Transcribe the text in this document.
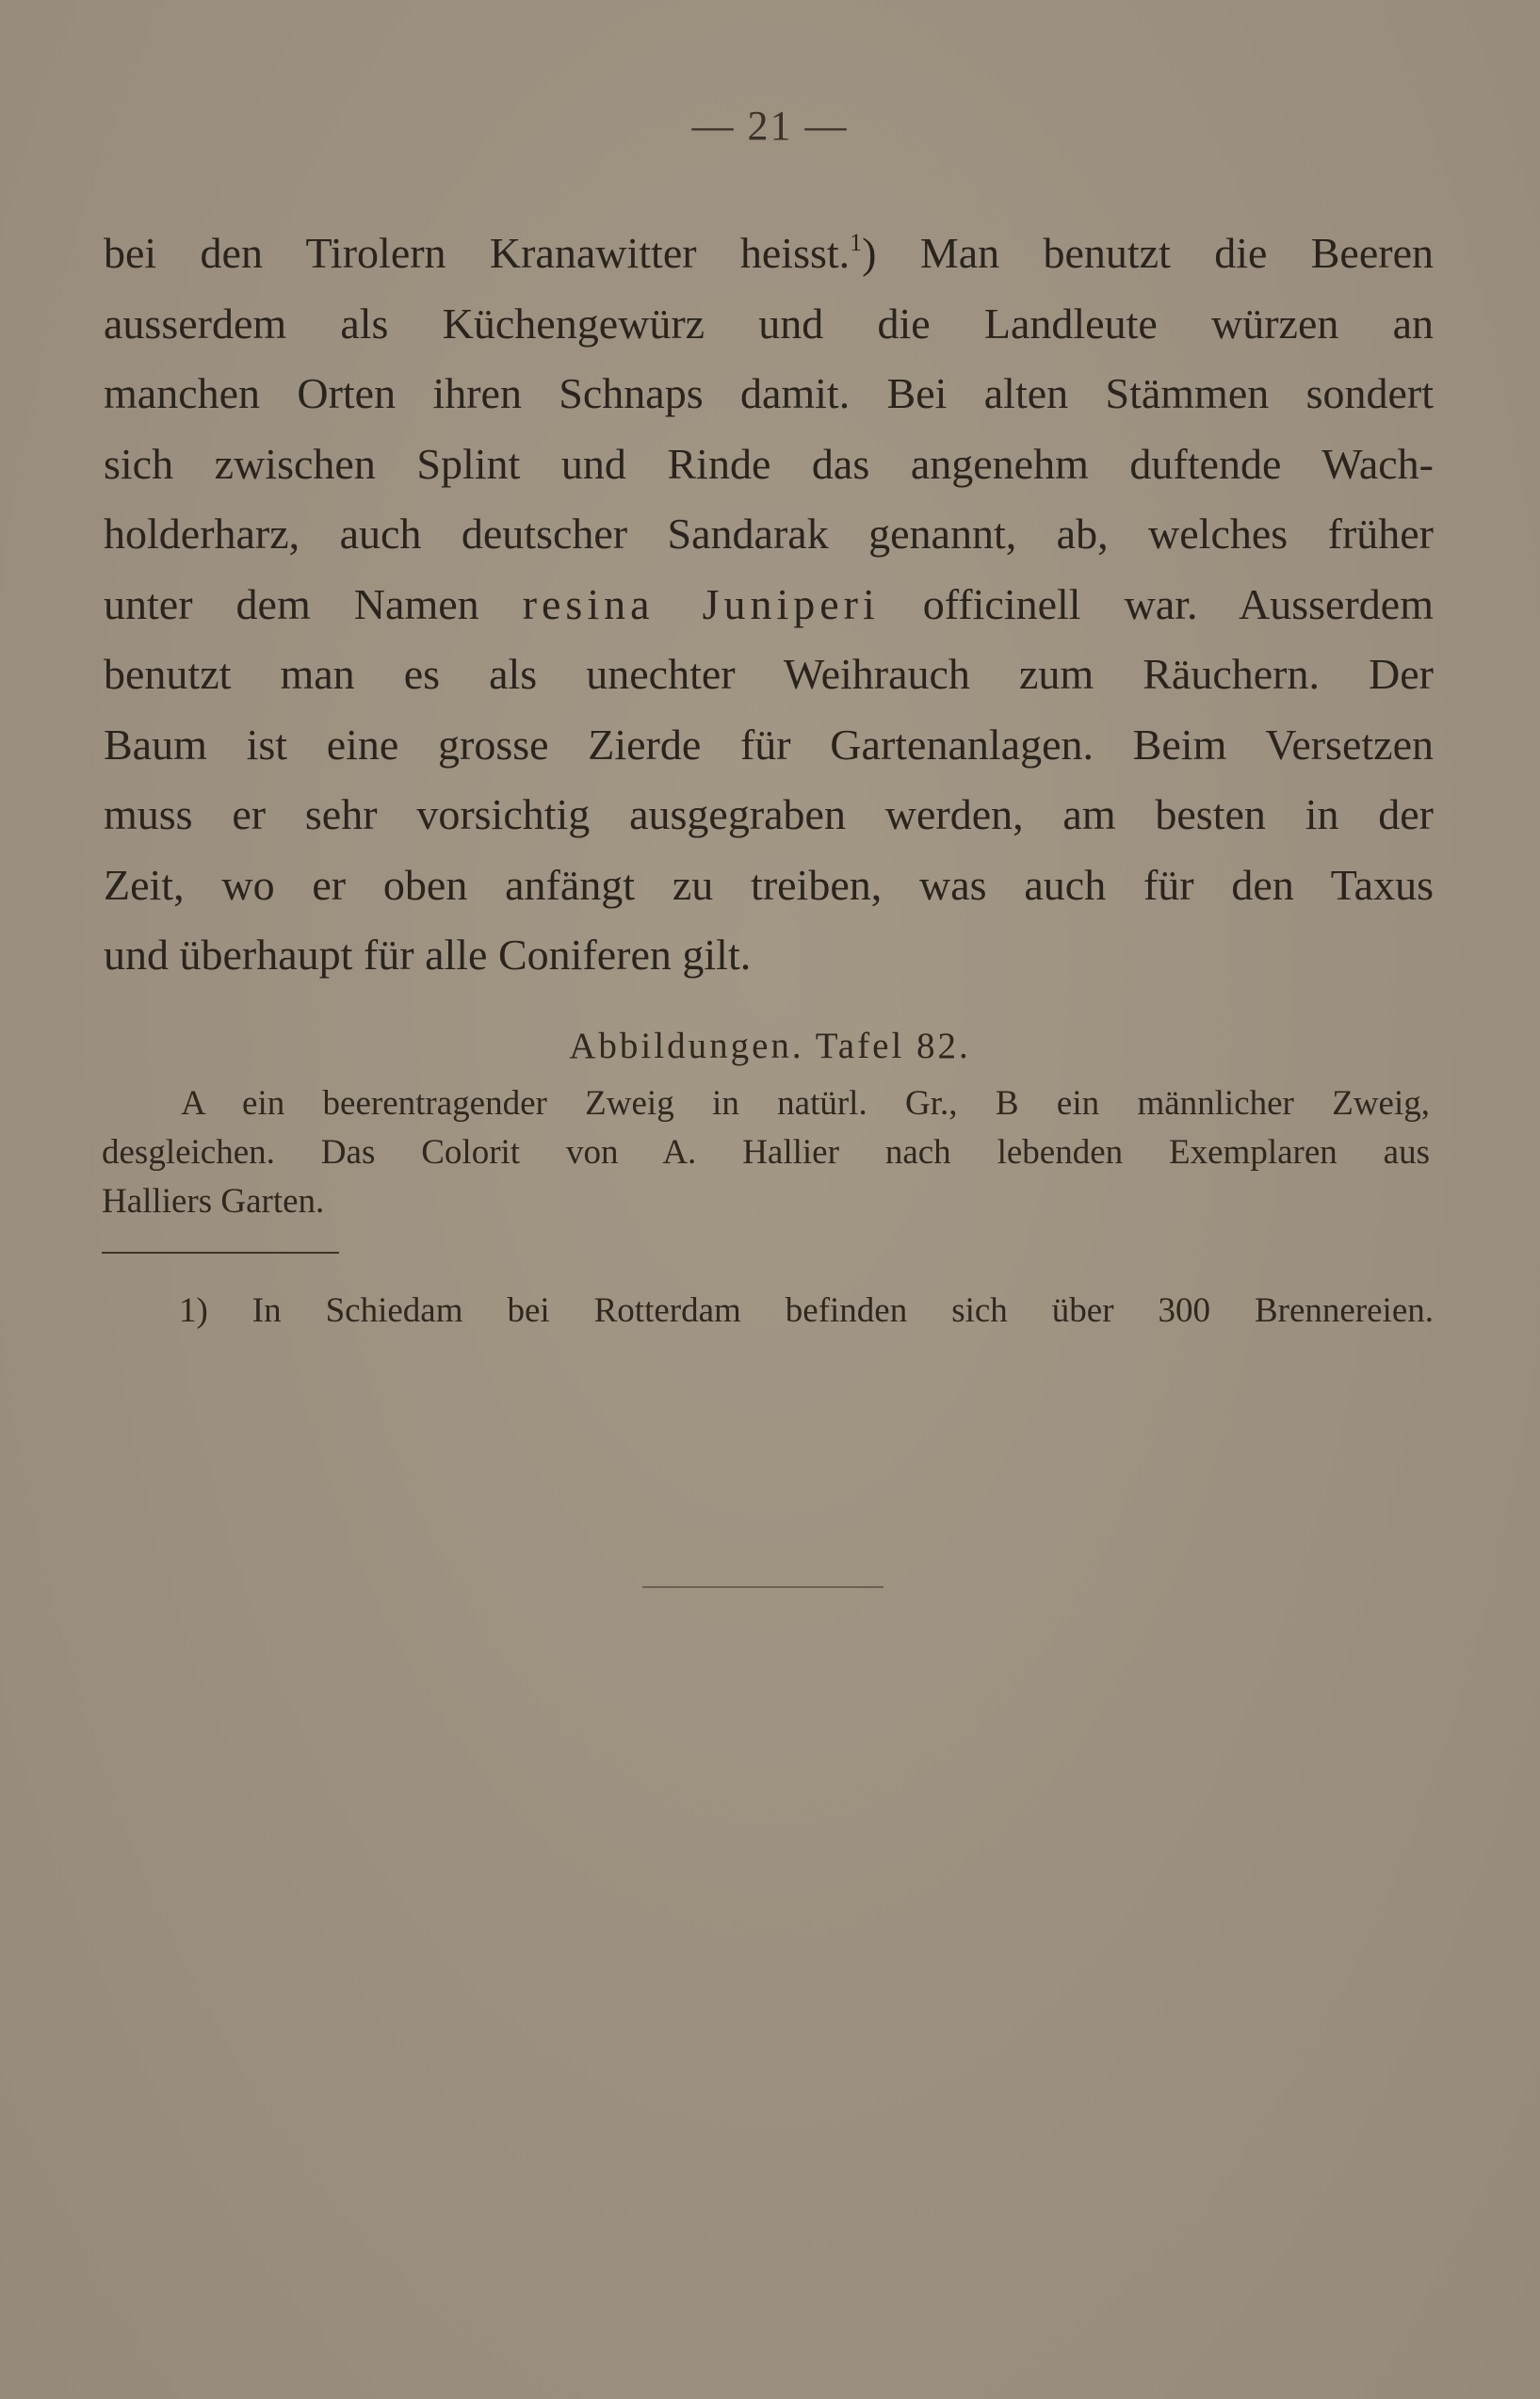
— 21 —
bei den Tirolern Kranawitter heisst.$^1$) Man benutzt die Beeren
ausserdem als Küchengewürz und die Landleute würzen an
manchen Orten ihren Schnaps damit. Bei alten Stämmen sondert
sich zwischen Splint und Rinde das angenehm duftende Wach-
holderharz, auch deutscher Sandarak genannt, ab, welches früher
unter dem Namen resina Juniperi officinell war. Ausserdem
benutzt man es als unechter Weihrauch zum Räuchern. Der
Baum ist eine grosse Zierde für Gartenanlagen. Beim Versetzen
muss er sehr vorsichtig ausgegraben werden, am besten in der
Zeit, wo er oben anfängt zu treiben, was auch für den Taxus
und überhaupt für alle Coniferen gilt.
Abbildungen. Tafel 82.
A ein beerentragender Zweig in natürl. Gr., B ein männlicher Zweig,
desgleichen. Das Colorit von A. Hallier nach lebenden Exemplaren aus
Halliers Garten.
1) In Schiedam bei Rotterdam befinden sich über 300 Brennereien.
